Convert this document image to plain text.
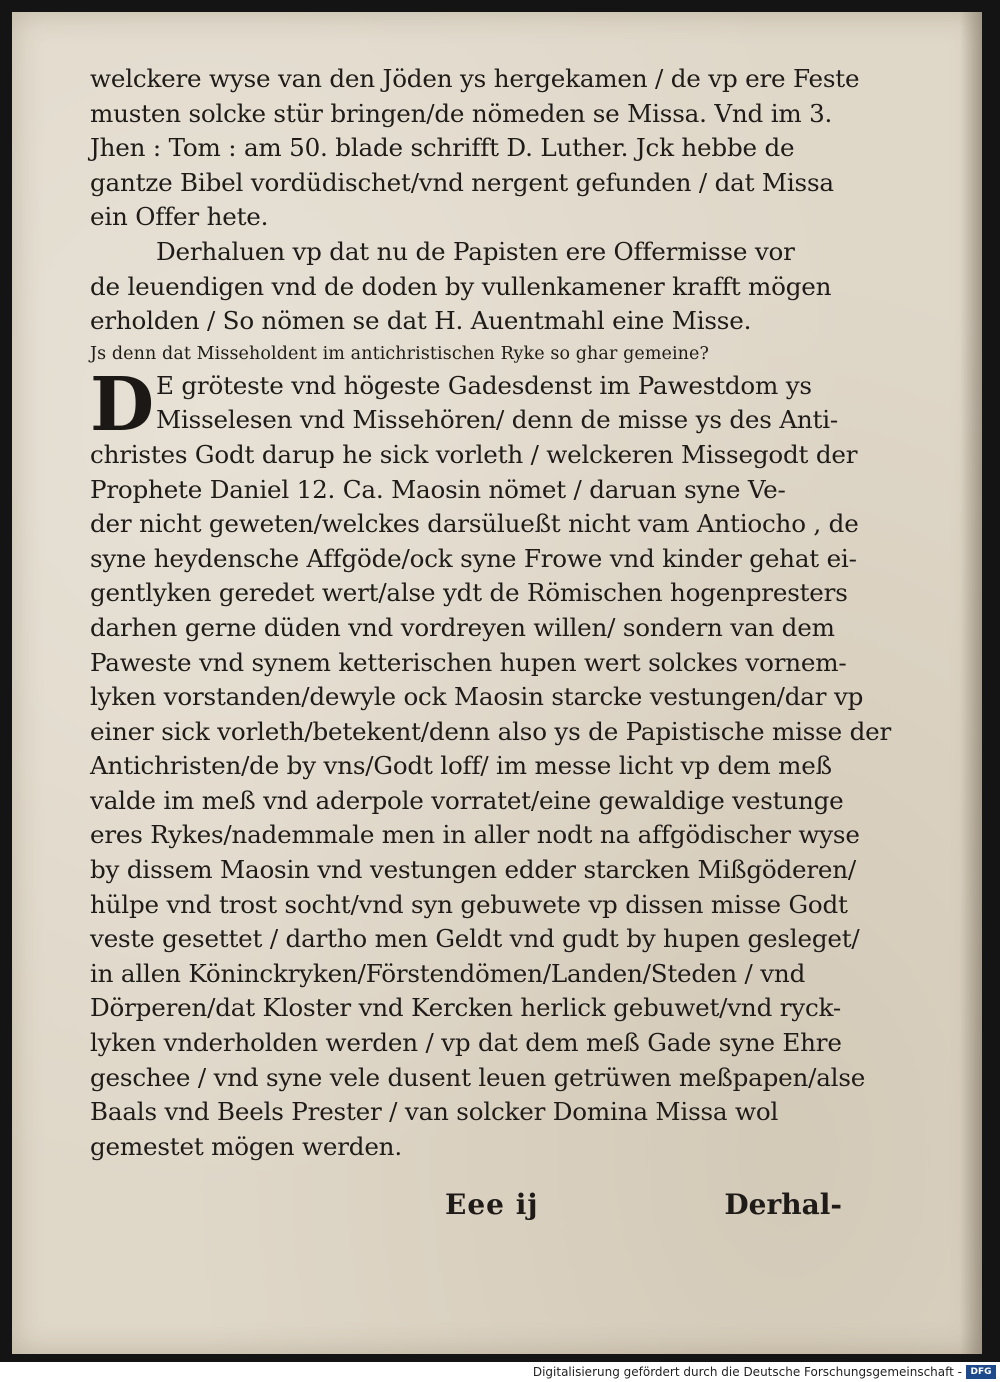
welckere wyse van den Jöden ys hergekamen / de vp ere Feste
musten solcke stür bringen/de nömeden se Missa. Vnd im 3.
Jhen : Tom : am 50. blade schrifft D. Luther. Jck hebbe de
gantze Bibel vordüdischet/vnd nergent gefunden / dat Missa
ein Offer hete.
Derhaluen vp dat nu de Papisten ere Offermisse vor
de leuendigen vnd de doden by vullenkamener krafft mögen
erholden / So nömen se dat H. Auentmahl eine Misse.
Js denn dat Misseholdent im antichristischen Ryke so ghar gemeine?
D E gröteste vnd högeste Gadesdenst im Pawestdom ys
Misselesen vnd Missehören/ denn de misse ys des Anti-
christes Godt darup he sick vorleth / welckeren Missegodt der
Prophete Daniel 12. Ca. Maosin nömet / daruan syne Ve-
der nicht geweten/welckes darsülueßt nicht vam Antiocho , de
syne heydensche Affgöde/ock syne Frowe vnd kinder gehat ei-
gentlyken geredet wert/alse ydt de Römischen hogenpresters
darhen gerne düden vnd vordreyen willen/ sondern van dem
Paweste vnd synem ketterischen hupen wert solckes vornem-
lyken vorstanden/dewyle ock Maosin starcke vestungen/dar vp
einer sick vorleth/betekent/denn also ys de Papistische misse der
Antichristen/de by vns/Godt loff/ im messe licht vp dem meß
valde im meß vnd aderpole vorratet/eine gewaldige vestunge
eres Rykes/nademmale men in aller nodt na affgödischer wyse
by dissem Maosin vnd vestungen edder starcken Mißgöderen/
hülpe vnd trost socht/vnd syn gebuwete vp dissen misse Godt
veste gesettet / dartho men Geldt vnd gudt by hupen gesleget/
in allen Köninckryken/Förstendömen/Landen/Steden / vnd
Dörperen/dat Kloster vnd Kercken herlick gebuwet/vnd ryck-
lyken vnderholden werden / vp dat dem meß Gade syne Ehre
geschee / vnd syne vele dusent leuen getrüwen meßpapen/alse
Baals vnd Beels Prester / van solcker Domina Missa wol
gemestet mögen werden.
Eee ij	Derhal-
Digitalisierung gefördert durch die Deutsche Forschungsgemeinschaft - DFG
